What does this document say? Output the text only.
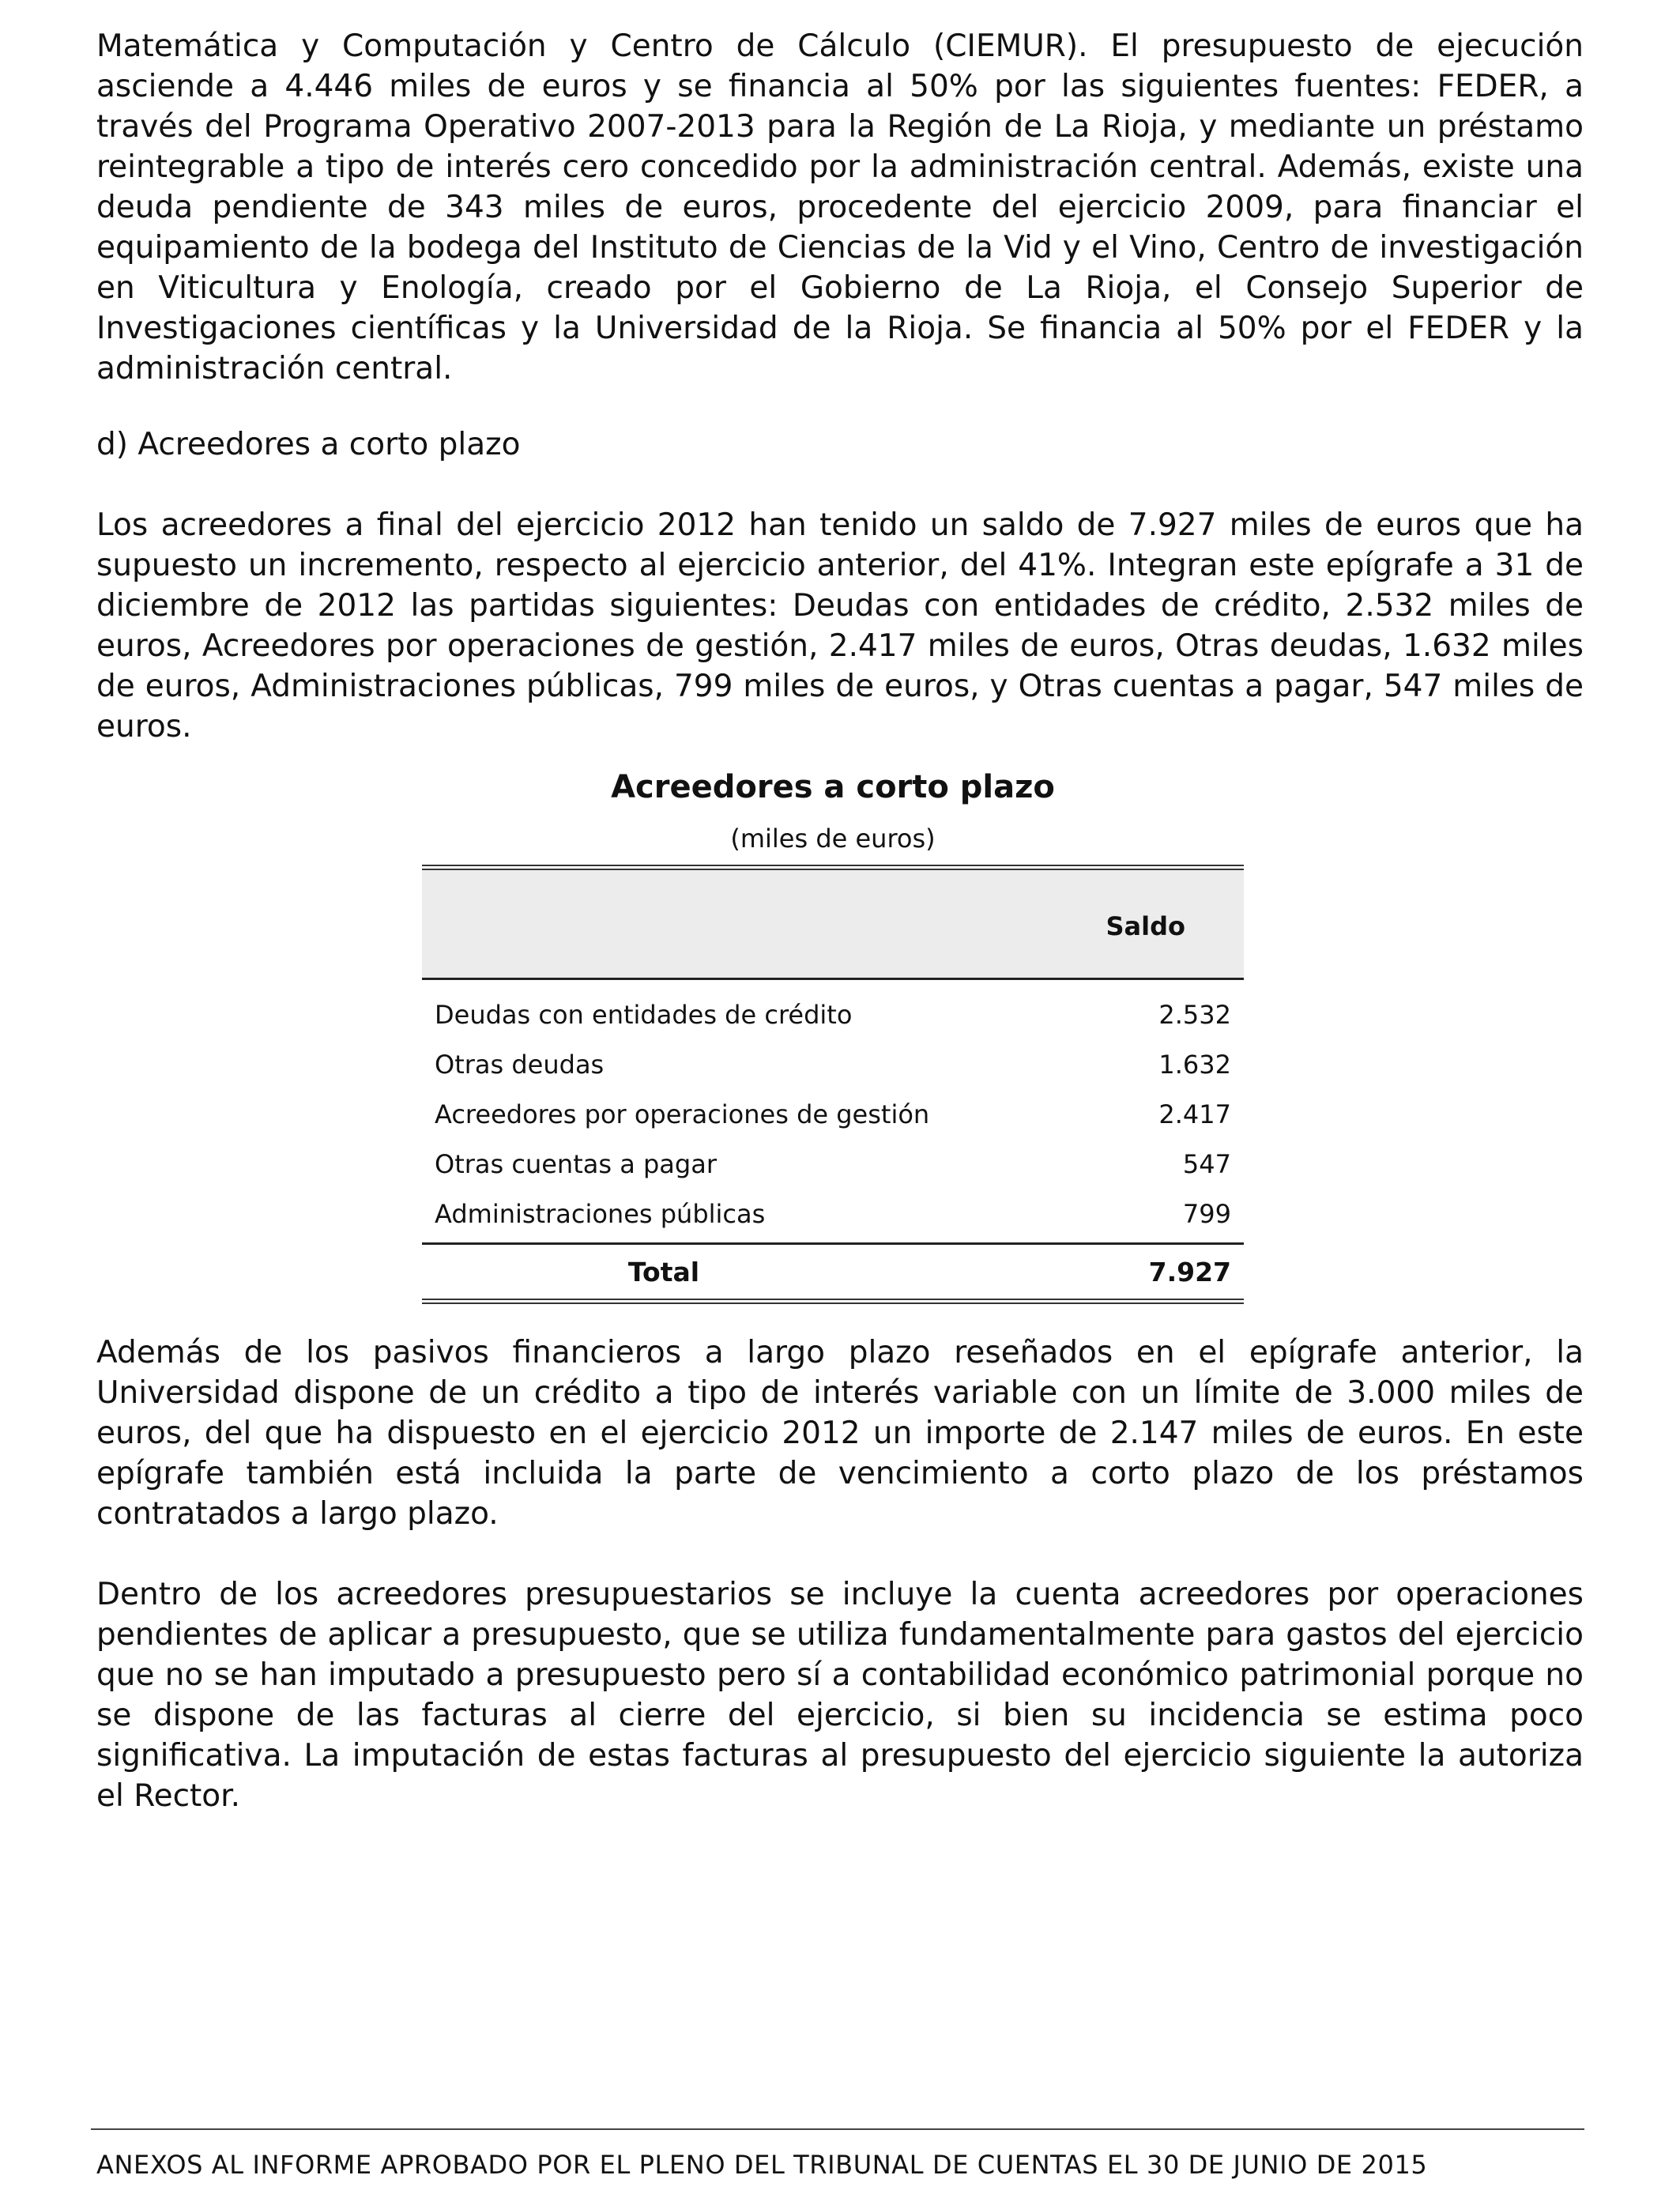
Matemática y Computación y Centro de Cálculo (CIEMUR). El presupuesto de ejecución asciende a 4.446 miles de euros y se financia al 50% por las siguientes fuentes: FEDER, a través del Programa Operativo 2007-2013 para la Región de La Rioja, y mediante un préstamo reintegrable a tipo de interés cero concedido por la administración central. Además, existe una deuda pendiente de 343 miles de euros, procedente del ejercicio 2009, para financiar el equipamiento de la bodega del Instituto de Ciencias de la Vid y el Vino, Centro de investigación en Viticultura y Enología, creado por el Gobierno de La Rioja, el Consejo Superior de Investigaciones científicas y la Universidad de la Rioja. Se financia al 50% por el FEDER y la administración central.

d) Acreedores a corto plazo

Los acreedores a final del ejercicio 2012 han tenido un saldo de 7.927 miles de euros que ha supuesto un incremento, respecto al ejercicio anterior, del 41%. Integran este epígrafe a 31 de diciembre de 2012 las partidas siguientes: Deudas con entidades de crédito, 2.532 miles de euros, Acreedores por operaciones de gestión, 2.417 miles de euros, Otras deudas, 1.632 miles de euros, Administraciones públicas, 799 miles de euros, y Otras cuentas a pagar, 547 miles de euros.

Acreedores a corto plazo

(miles de euros)

Saldo
Deudas con entidades de crédito	2.532
Otras deudas	1.632
Acreedores por operaciones de gestión	2.417
Otras cuentas a pagar	547
Administraciones públicas	799
Total	7.927

Además de los pasivos financieros a largo plazo reseñados en el epígrafe anterior, la Universidad dispone de un crédito a tipo de interés variable con un límite de 3.000 miles de euros, del que ha dispuesto en el ejercicio 2012 un importe de 2.147 miles de euros. En este epígrafe también está incluida la parte de vencimiento a corto plazo de los préstamos contratados a largo plazo.

Dentro de los acreedores presupuestarios se incluye la cuenta acreedores por operaciones pendientes de aplicar a presupuesto, que se utiliza fundamentalmente para gastos del ejercicio que no se han imputado a presupuesto pero sí a contabilidad económico patrimonial porque no se dispone de las facturas al cierre del ejercicio, si bien su incidencia se estima poco significativa. La imputación de estas facturas al presupuesto del ejercicio siguiente la autoriza el Rector.

ANEXOS AL INFORME APROBADO POR EL PLENO DEL TRIBUNAL DE CUENTAS EL 30 DE JUNIO DE 2015
